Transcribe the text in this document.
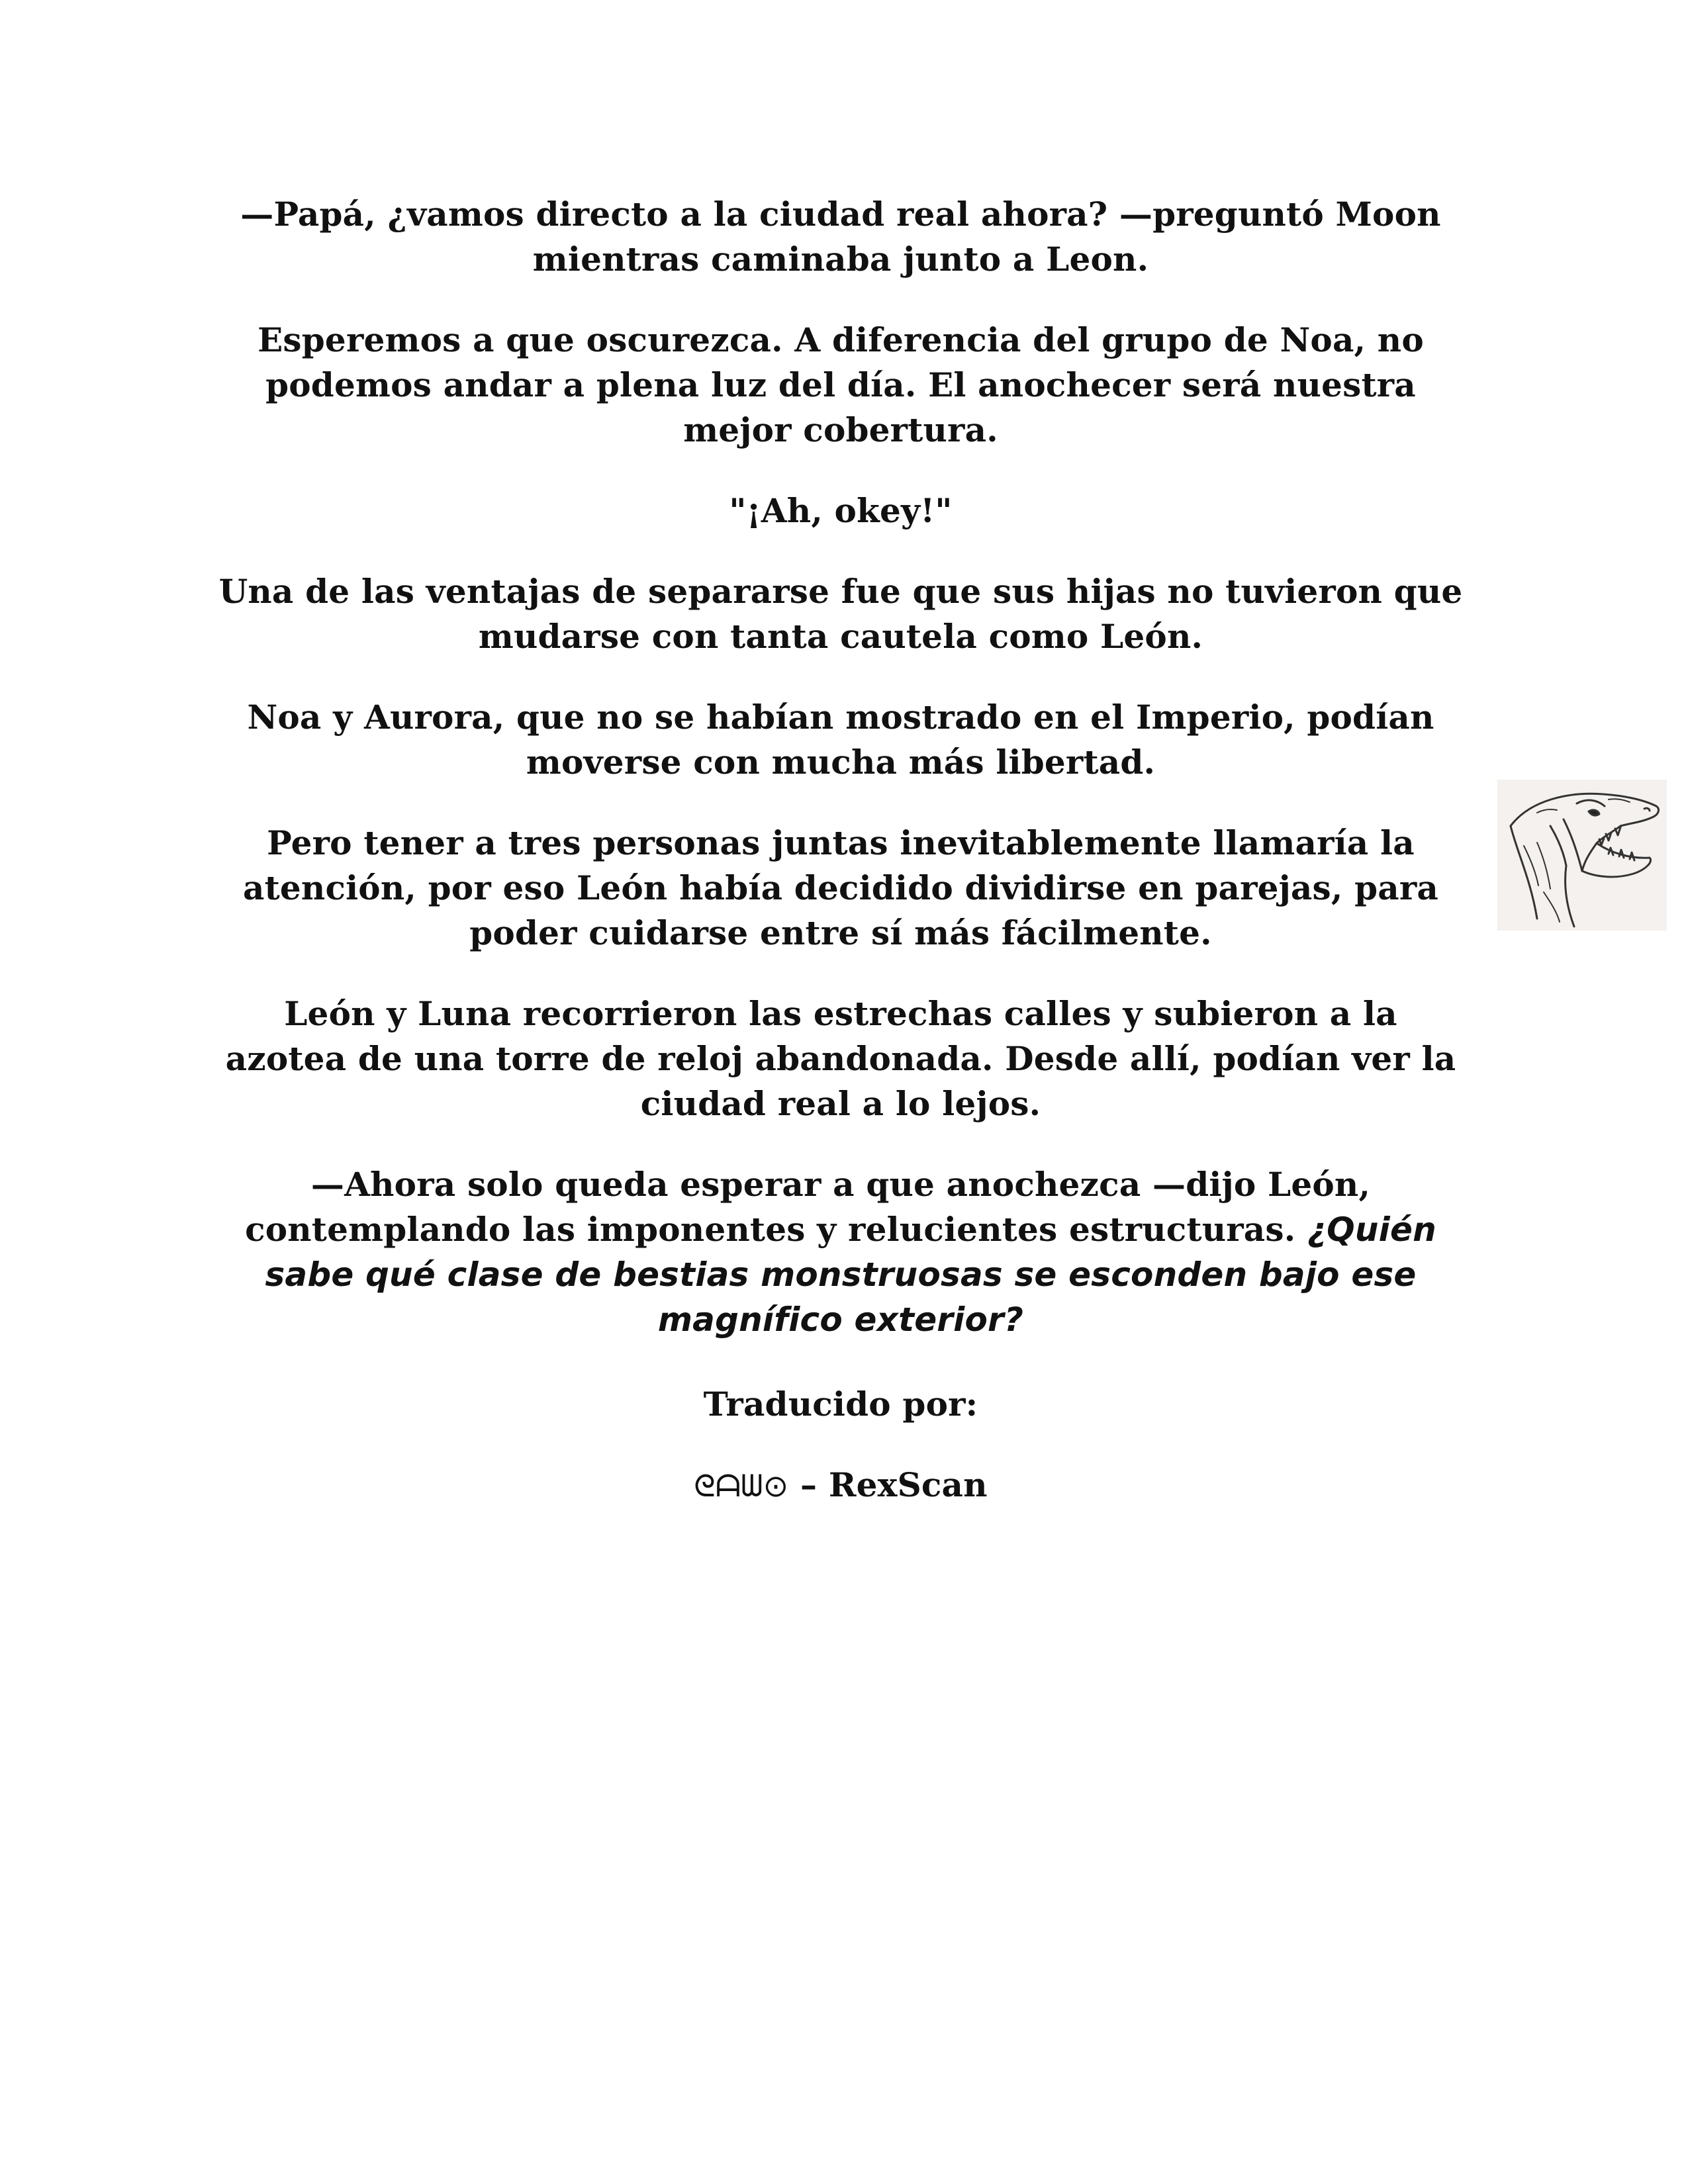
—Papá, ¿vamos directo a la ciudad real ahora? —preguntó Moon mientras caminaba junto a Leon.

Esperemos a que oscurezca. A diferencia del grupo de Noa, no podemos andar a plena luz del día. El anochecer será nuestra mejor cobertura.

"¡Ah, okey!"

Una de las ventajas de separarse fue que sus hijas no tuvieron que mudarse con tanta cautela como León.

Noa y Aurora, que no se habían mostrado en el Imperio, podían moverse con mucha más libertad.

Pero tener a tres personas juntas inevitablemente llamaría la atención, por eso León había decidido dividirse en parejas, para poder cuidarse entre sí más fácilmente.

León y Luna recorrieron las estrechas calles y subieron a la azotea de una torre de reloj abandonada. Desde allí, podían ver la ciudad real a lo lejos.

—Ahora solo queda esperar a que anochezca —dijo León, contemplando las imponentes y relucientes estructuras. ¿Quién sabe qué clase de bestias monstruosas se esconden bajo ese magnífico exterior?

Traducido por:

ᘓᗩᗯ⊙ – RexScan
